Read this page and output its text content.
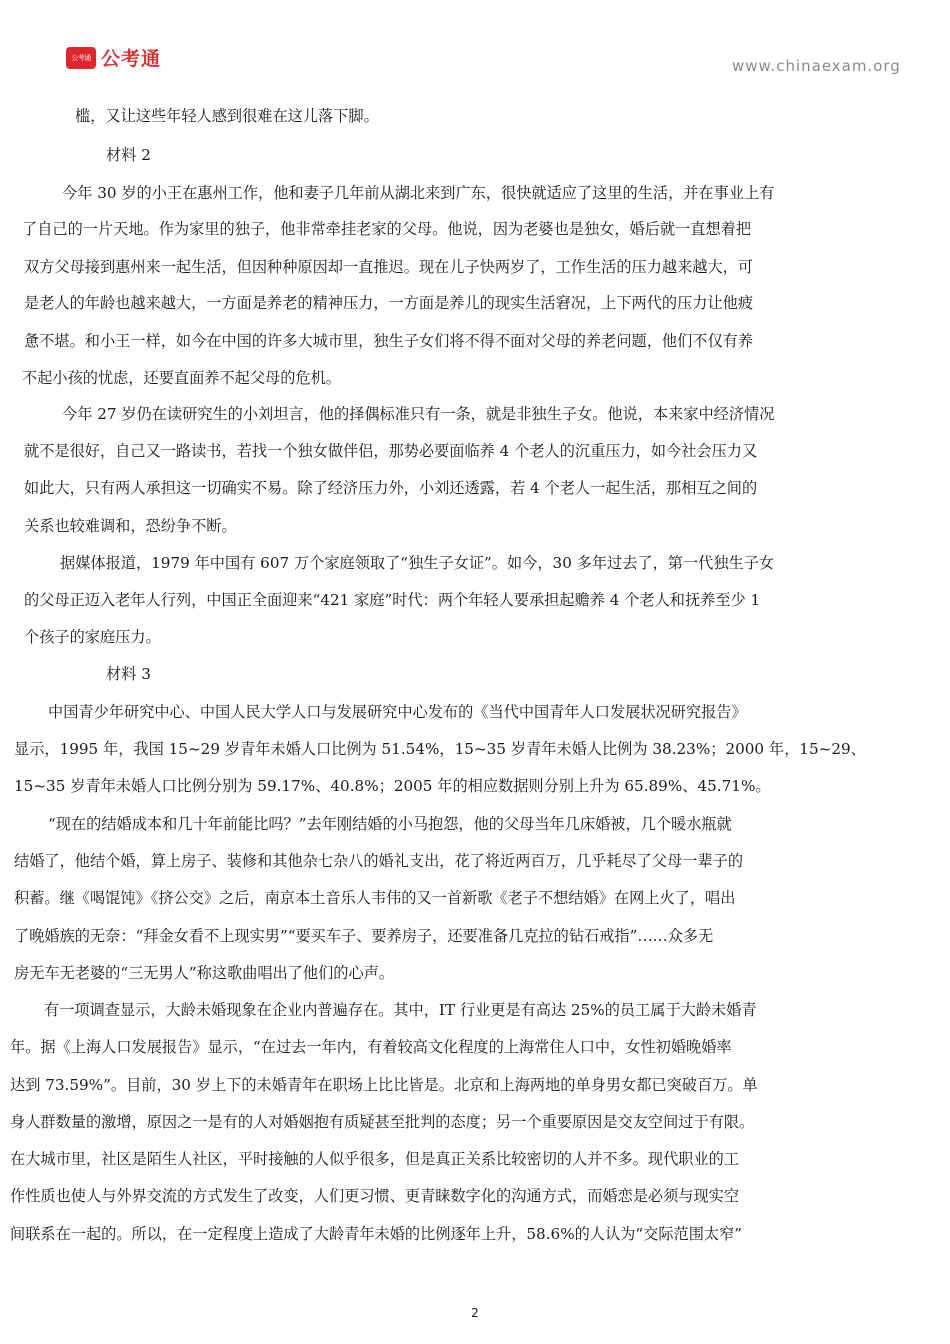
公考通 公考通	www.chinaexam.org
槛，又让这些年轻人感到很难在这儿落下脚。
材料 2
今年 30 岁的小王在惠州工作，他和妻子几年前从湖北来到广东，很快就适应了这里的生活，并在事业上有
了自己的一片天地。作为家里的独子，他非常牵挂老家的父母。他说，因为老婆也是独女，婚后就一直想着把
双方父母接到惠州来一起生活，但因种种原因却一直推迟。现在儿子快两岁了，工作生活的压力越来越大，可
是老人的年龄也越来越大，一方面是养老的精神压力，一方面是养儿的现实生活窘况，上下两代的压力让他疲
惫不堪。和小王一样，如今在中国的许多大城市里，独生子女们将不得不面对父母的养老问题，他们不仅有养
不起小孩的忧虑，还要直面养不起父母的危机。
今年 27 岁仍在读研究生的小刘坦言，他的择偶标准只有一条，就是非独生子女。他说，本来家中经济情况
就不是很好，自己又一路读书，若找一个独女做伴侣，那势必要面临养 4 个老人的沉重压力，如今社会压力又
如此大，只有两人承担这一切确实不易。除了经济压力外，小刘还透露，若 4 个老人一起生活，那相互之间的
关系也较难调和，恐纷争不断。
据媒体报道，1979 年中国有 607 万个家庭领取了“独生子女证”。如今，30 多年过去了，第一代独生子女
的父母正迈入老年人行列，中国正全面迎来“421 家庭”时代：两个年轻人要承担起赡养 4 个老人和抚养至少 1
个孩子的家庭压力。
材料 3
中国青少年研究中心、中国人民大学人口与发展研究中心发布的《当代中国青年人口发展状况研究报告》
显示，1995 年，我国 15~29 岁青年未婚人口比例为 51.54%，15~35 岁青年未婚人比例为 38.23%；2000 年，15~29、
15~35 岁青年未婚人口比例分别为 59.17%、40.8%；2005 年的相应数据则分别上升为 65.89%、45.71%。
“现在的结婚成本和几十年前能比吗？”去年刚结婚的小马抱怨，他的父母当年几床婚被，几个暖水瓶就
结婚了，他结个婚，算上房子、装修和其他杂七杂八的婚礼支出，花了将近两百万，几乎耗尽了父母一辈子的
积蓄。继《喝馄饨》《挤公交》之后，南京本土音乐人韦伟的又一首新歌《老子不想结婚》在网上火了，唱出
了晚婚族的无奈：“拜金女看不上现实男”“要买车子、要养房子，还要准备几克拉的钻石戒指”……众多无
房无车无老婆的“三无男人”称这歌曲唱出了他们的心声。
有一项调查显示，大龄未婚现象在企业内普遍存在。其中，IT 行业更是有高达 25%的员工属于大龄未婚青
年。据《上海人口发展报告》显示，“在过去一年内，有着较高文化程度的上海常住人口中，女性初婚晚婚率
达到 73.59%”。目前，30 岁上下的未婚青年在职场上比比皆是。北京和上海两地的单身男女都已突破百万。单
身人群数量的激增，原因之一是有的人对婚姻抱有质疑甚至批判的态度；另一个重要原因是交友空间过于有限。
在大城市里，社区是陌生人社区，平时接触的人似乎很多，但是真正关系比较密切的人并不多。现代职业的工
作性质也使人与外界交流的方式发生了改变，人们更习惯、更青睐数字化的沟通方式，而婚恋是必须与现实空
间联系在一起的。所以，在一定程度上造成了大龄青年未婚的比例逐年上升，58.6%的人认为“交际范围太窄”
2
